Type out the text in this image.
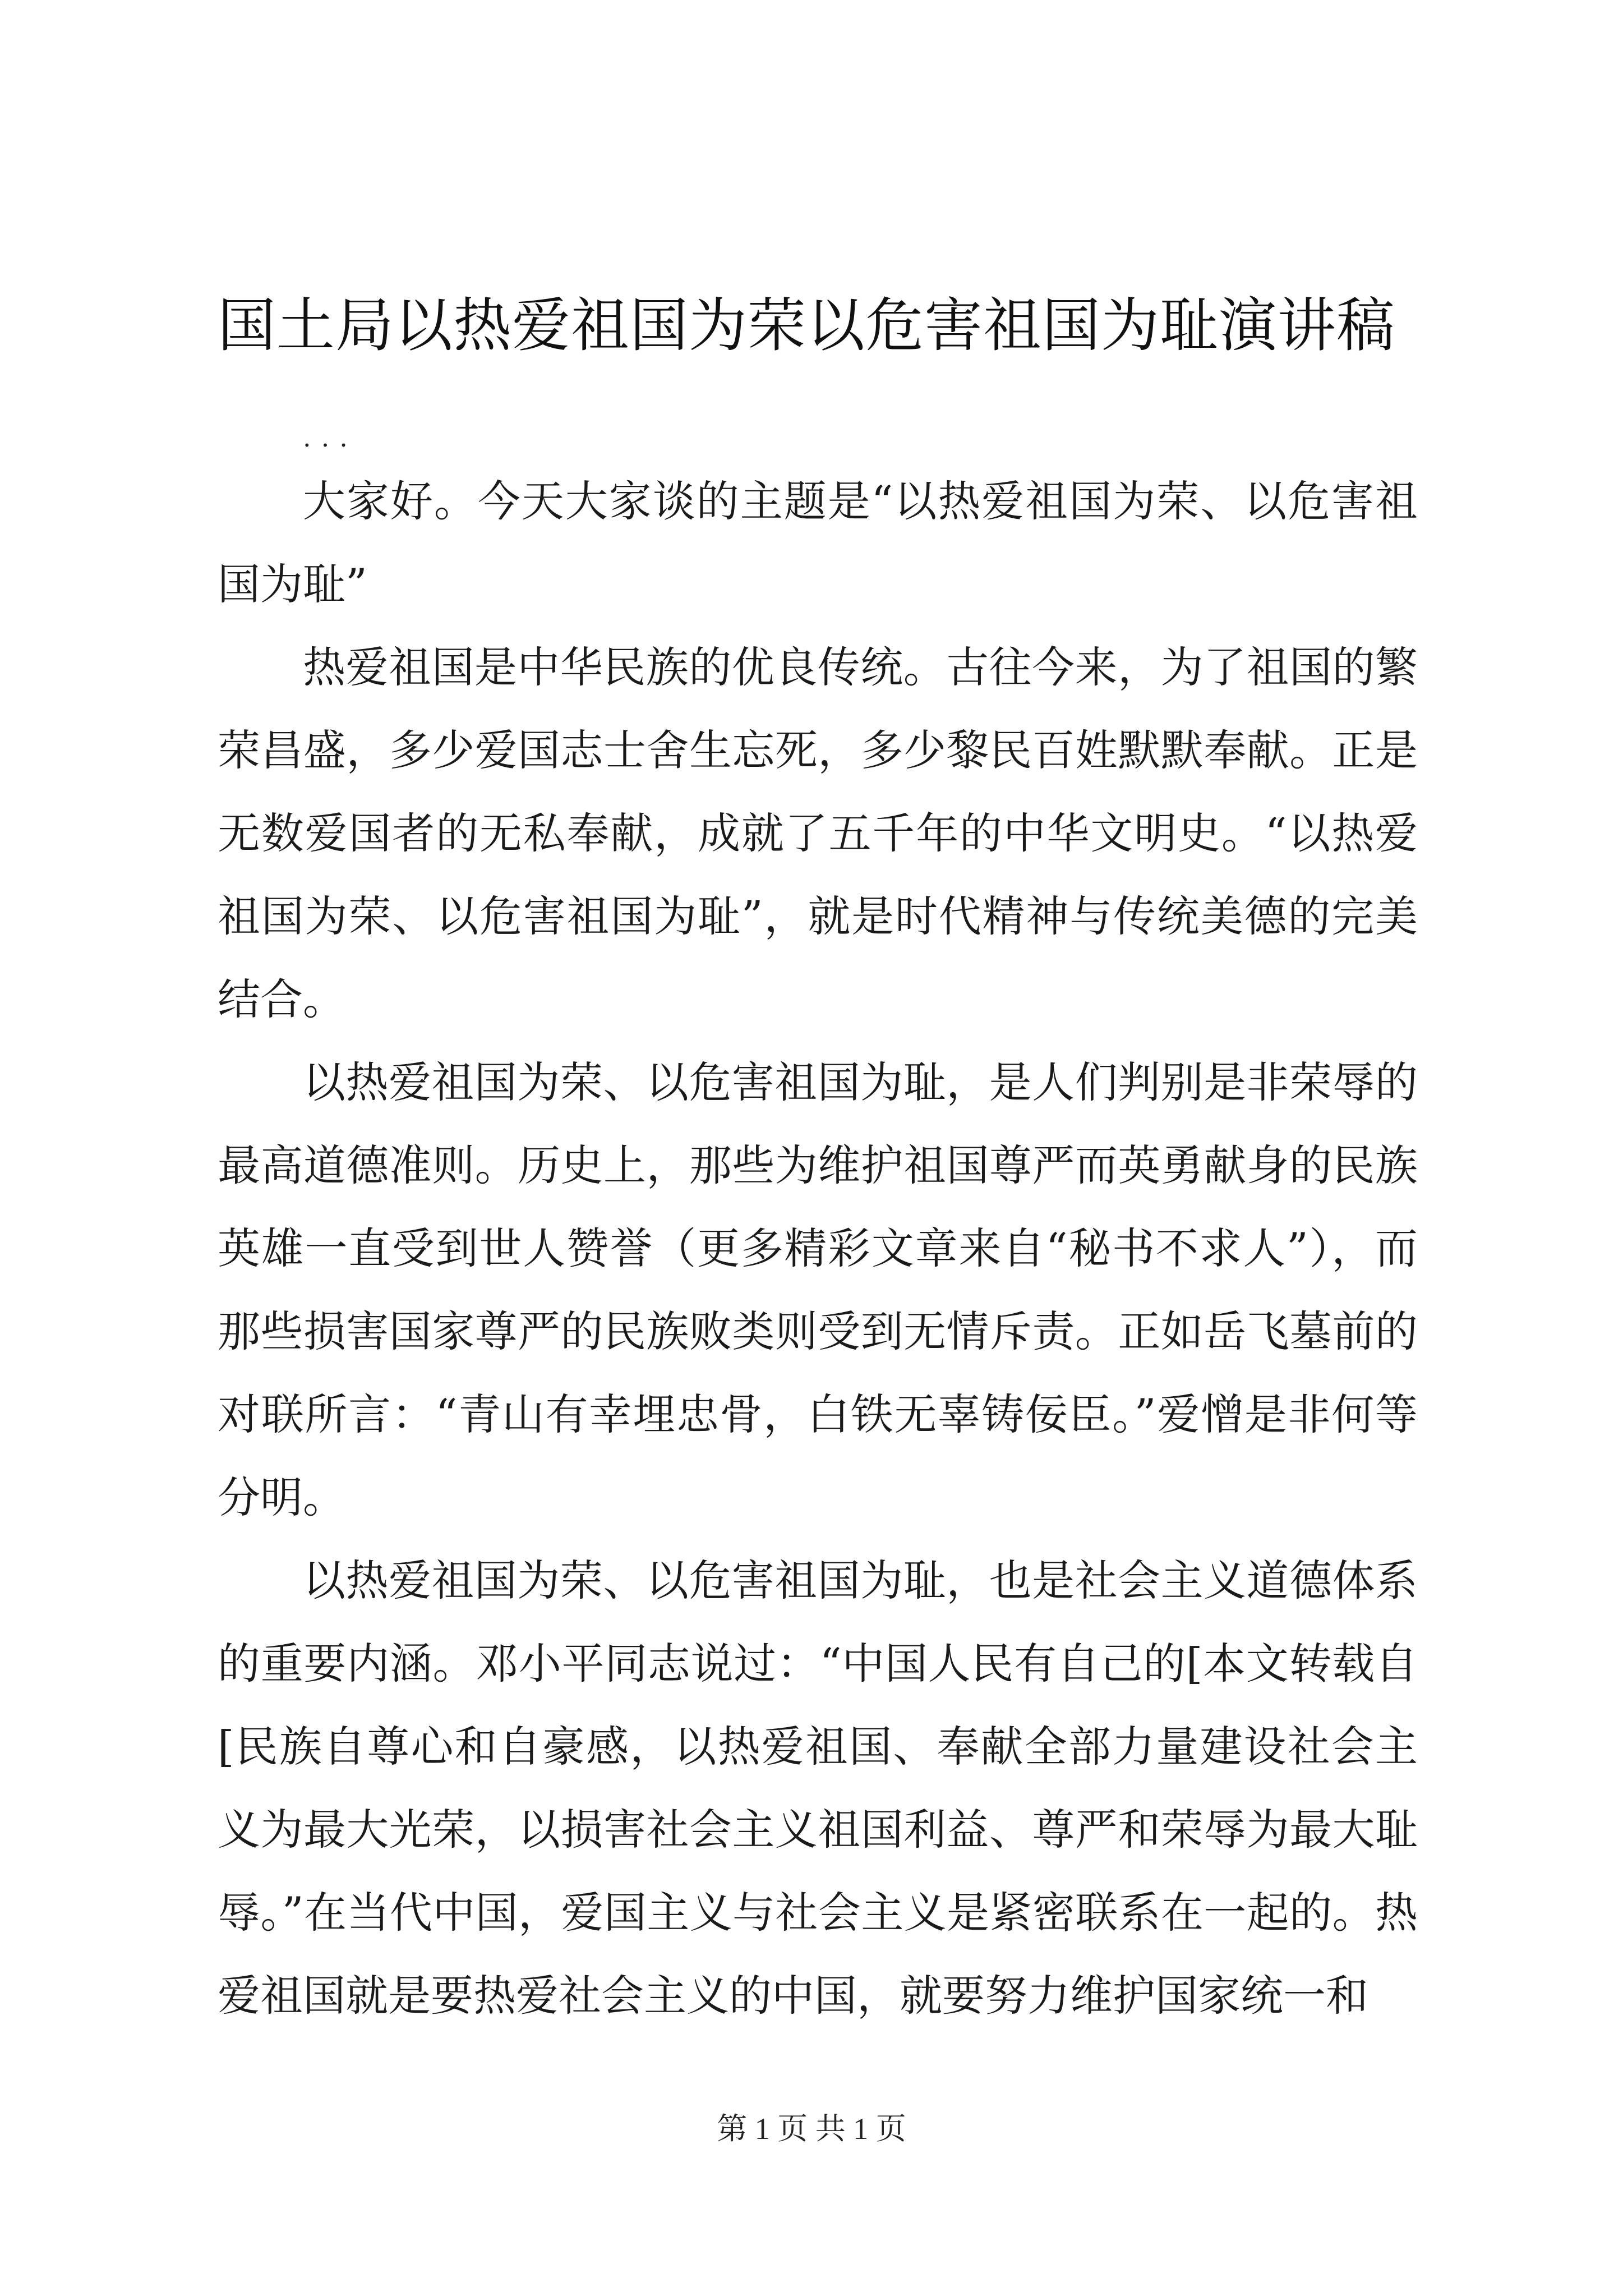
国土局以热爱祖国为荣以危害祖国为耻演讲稿
...

大家好。今天大家谈的主题是“以热爱祖国为荣、以危害祖国为耻”

热爱祖国是中华民族的优良传统。古往今来，为了祖国的繁荣昌盛，多少爱国志士舍生忘死，多少黎民百姓默默奉献。正是无数爱国者的无私奉献，成就了五千年的中华文明史。“以热爱祖国为荣、以危害祖国为耻”，就是时代精神与传统美德的完美结合。

以热爱祖国为荣、以危害祖国为耻，是人们判别是非荣辱的最高道德准则。历史上，那些为维护祖国尊严而英勇献身的民族英雄一直受到世人赞誉（更多精彩文章来自“秘书不求人”），而那些损害国家尊严的民族败类则受到无情斥责。正如岳飞墓前的对联所言：“青山有幸埋忠骨，白铁无辜铸佞臣。”爱憎是非何等分明。

以热爱祖国为荣、以危害祖国为耻，也是社会主义道德体系的重要内涵。邓小平同志说过：“中国人民有自己的[本文转载自[民族自尊心和自豪感，以热爱祖国、奉献全部力量建设社会主义为最大光荣，以损害社会主义祖国利益、尊严和荣辱为最大耻辱。”在当代中国，爱国主义与社会主义是紧密联系在一起的。热爱祖国就是要热爱社会主义的中国，就要努力维护国家统一和

第 1 页 共 1 页
